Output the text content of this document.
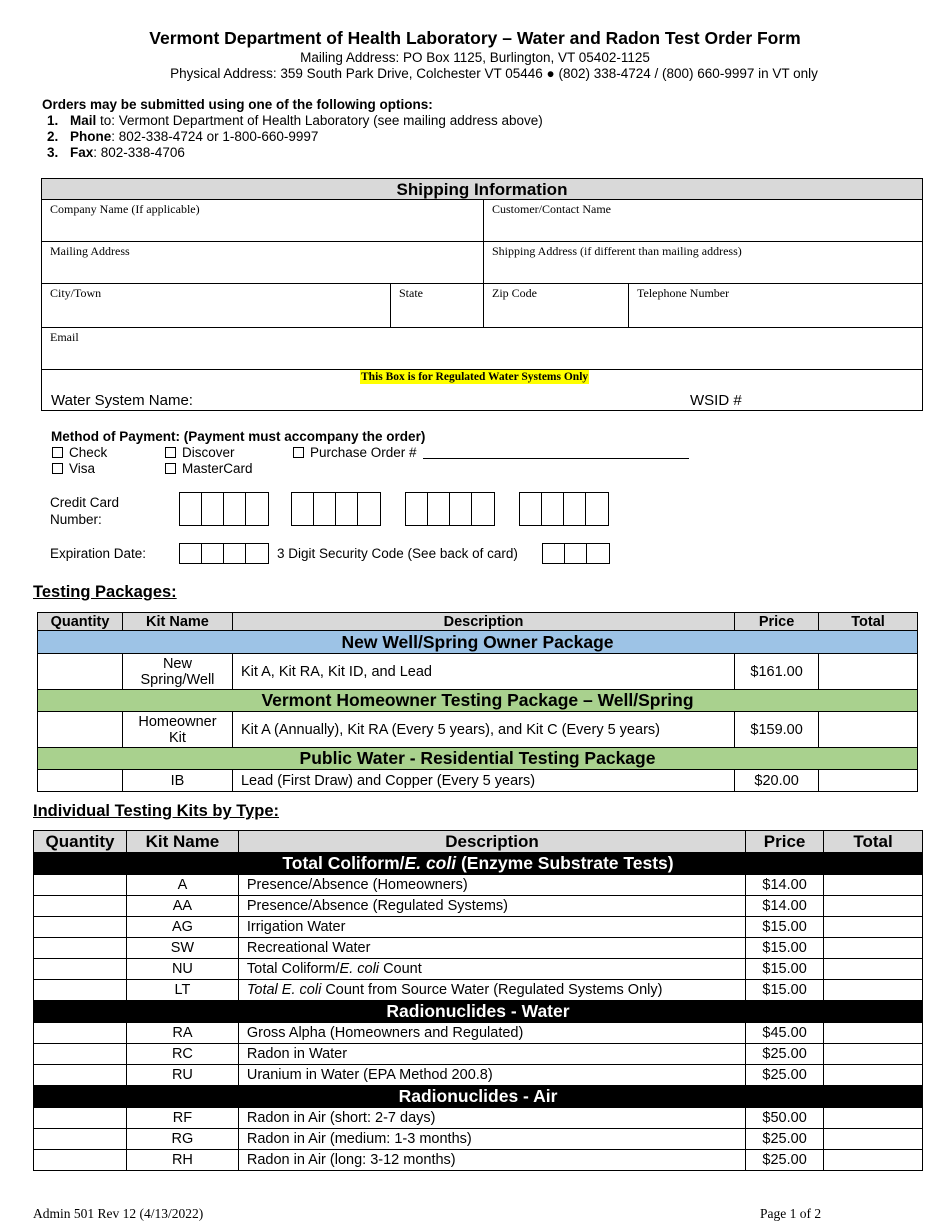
Vermont Department of Health Laboratory – Water and Radon Test Order Form
Mailing Address: PO Box 1125, Burlington, VT 05402-1125
Physical Address: 359 South Park Drive, Colchester VT 05446 ● (802) 338-4724 / (800) 660-9997 in VT only
Orders may be submitted using one of the following options:
1. Mail to: Vermont Department of Health Laboratory (see mailing address above)
2. Phone: 802-338-4724 or 1-800-660-9997
3. Fax: 802-338-4706
Shipping Information
Company Name (If applicable)	Customer/Contact Name
Mailing Address	Shipping Address (if different than mailing address)
City/Town	State	Zip Code	Telephone Number
Email
This Box is for Regulated Water Systems Only
Water System Name:	WSID #
Method of Payment: (Payment must accompany the order)
Check	Discover	Purchase Order #
Visa	MasterCard
Credit Card Number:
Expiration Date:	3 Digit Security Code (See back of card)
Testing Packages:
Quantity	Kit Name	Description	Price	Total
New Well/Spring Owner Package				
	New Spring/Well	Kit A, Kit RA, Kit ID, and Lead	$161.00	
Vermont Homeowner Testing Package – Well/Spring				
	Homeowner Kit	Kit A (Annually), Kit RA (Every 5 years), and Kit C (Every 5 years)	$159.00	
Public Water - Residential Testing Package				
	IB	Lead (First Draw) and Copper (Every 5 years)	$20.00	
Individual Testing Kits by Type:
Quantity	Kit Name	Description	Price	Total
Total Coliform/E. coli (Enzyme Substrate Tests)				
	A	Presence/Absence (Homeowners)	$14.00	
	AA	Presence/Absence (Regulated Systems)	$14.00	
	AG	Irrigation Water	$15.00	
	SW	Recreational Water	$15.00	
	NU	Total Coliform/E. coli Count	$15.00	
	LT	Total E. coli Count from Source Water (Regulated Systems Only)	$15.00	
Radionuclides - Water				
	RA	Gross Alpha (Homeowners and Regulated)	$45.00	
	RC	Radon in Water	$25.00	
	RU	Uranium in Water (EPA Method 200.8)	$25.00	
Radionuclides - Air				
	RF	Radon in Air (short: 2-7 days)	$50.00	
	RG	Radon in Air (medium: 1-3 months)	$25.00	
	RH	Radon in Air (long: 3-12 months)	$25.00	
Admin 501 Rev 12 (4/13/2022)	Page 1 of 2
